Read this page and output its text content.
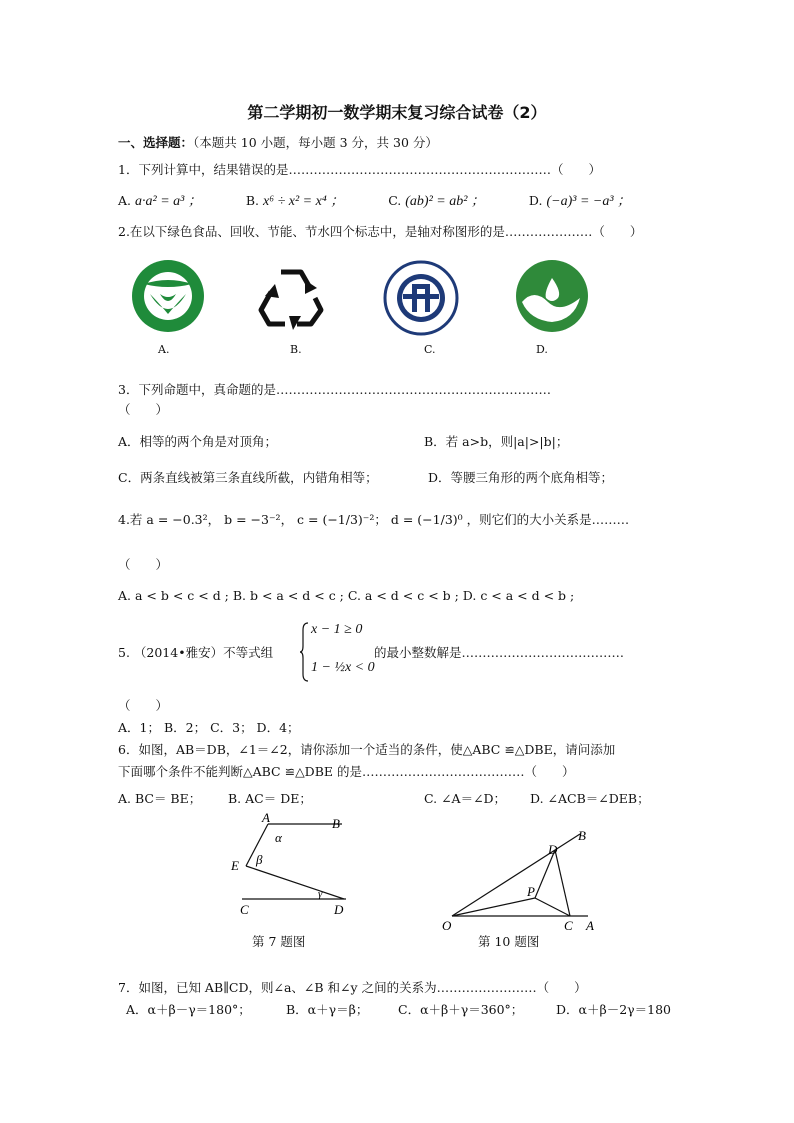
第二学期初一数学期末复习综合试卷（2）
一、选择题：（本题共 10 小题，每小题 3 分，共 30 分）
1．下列计算中，结果错误的是………………………………………………………（　　）
A. a·a² = a³ ；	B. x⁶ ÷ x² = x⁴ ；	C. (ab)² = ab² ；	D. (−a)³ = −a³ ；
2.在以下绿色食品、回收、节能、节水四个标志中，是轴对称图形的是…………………（　　）
A.	B.	C.	D.
3．下列命题中，真命题的是…………………………………………………………
（　　）
A．相等的两个角是对顶角；	B．若 a>b，则|a|>|b|；
C．两条直线被第三条直线所截，内错角相等；	D．等腰三角形的两个底角相等；
4.若 a = −0.3²， b = −3⁻²， c = (−1/3)⁻²； d = (−1/3)⁰ ，则它们的大小关系是………
（　　）
A. a < b < c < d ; B. b < a < d < c ; C. a < d < c < b ; D. c < a < d < b ;
5. （2014•雅安）不等式组
x − 1 ≥ 0
1 − ½x < 0
的最小整数解是…………………………………
（　　）
A．1； B．2； C．3； D．4；
6．如图，AB＝DB，∠1＝∠2，请你添加一个适当的条件，使△ABC ≌△DBE，请问添加
下面哪个条件不能判断△ABC ≌△DBE 的是…………………………………（　　）
A. BC＝ BE； B. AC＝ DE；	C. ∠A＝∠D； D. ∠ACB＝∠DEB；
A	B
E
C	D
α
β
γ
第 7 题图
O	C A
B
D
P
第 10 题图
7．如图，已知 AB∥CD，则∠a、∠B 和∠y 之间的关系为……………………（　　）
A．α＋β－γ＝180°；	B．α＋γ＝β； C．α＋β＋γ＝360°；	D．α＋β－2γ＝180
